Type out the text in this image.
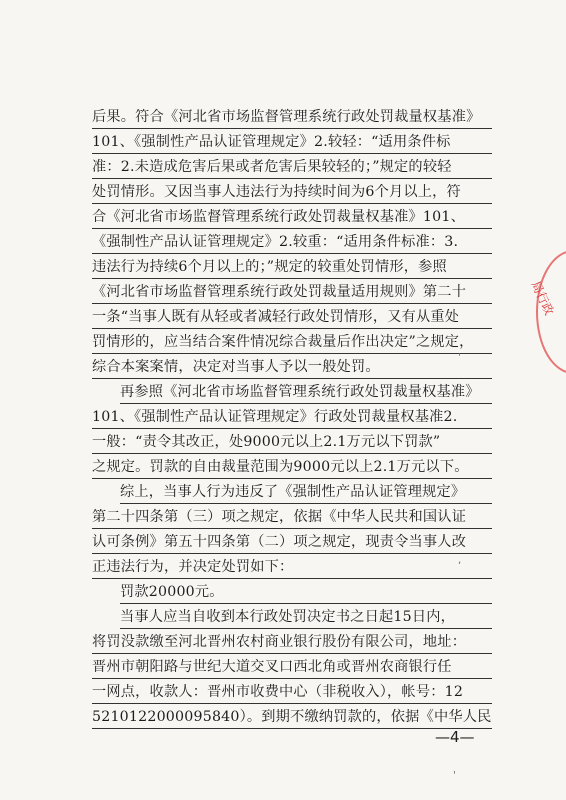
后果。符合《河北省市场监督管理系统行政处罚裁量权基准》
101、《强制性产品认证管理规定》2.较轻：“适用条件标
准：2.未造成危害后果或者危害后果较轻的；”规定的较轻
处罚情形。又因当事人违法行为持续时间为6个月以上，符
合《河北省市场监督管理系统行政处罚裁量权基准》101、
《强制性产品认证管理规定》2.较重：“适用条件标准：3.
违法行为持续6个月以上的；”规定的较重处罚情形，参照
《河北省市场监督管理系统行政处罚裁量适用规则》第二十
一条“当事人既有从轻或者减轻行政处罚情形，又有从重处
罚情形的，应当结合案件情况综合裁量后作出决定”之规定，
综合本案案情，决定对当事人予以一般处罚。
再参照《河北省市场监督管理系统行政处罚裁量权基准》
101、《强制性产品认证管理规定》行政处罚裁量权基准2.
一般：“责令其改正，处9000元以上2.1万元以下罚款”
之规定。罚款的自由裁量范围为9000元以上2.1万元以下。
综上，当事人行为违反了《强制性产品认证管理规定》
第二十四条第（三）项之规定，依据《中华人民共和国认证
认可条例》第五十四条第（二）项之规定，现责令当事人改
正违法行为，并决定处罚如下：
罚款20000元。
当事人应当自收到本行政处罚决定书之日起15日内，
将罚没款缴至河北晋州农村商业银行股份有限公司，地址：
晋州市朝阳路与世纪大道交叉口西北角或晋州农商银行任
一网点，收款人：晋州市收费中心（非税收入），帐号：12
5210122000095840）。到期不缴纳罚款的，依据《中华人民
—4—
局行政
'
,
'
